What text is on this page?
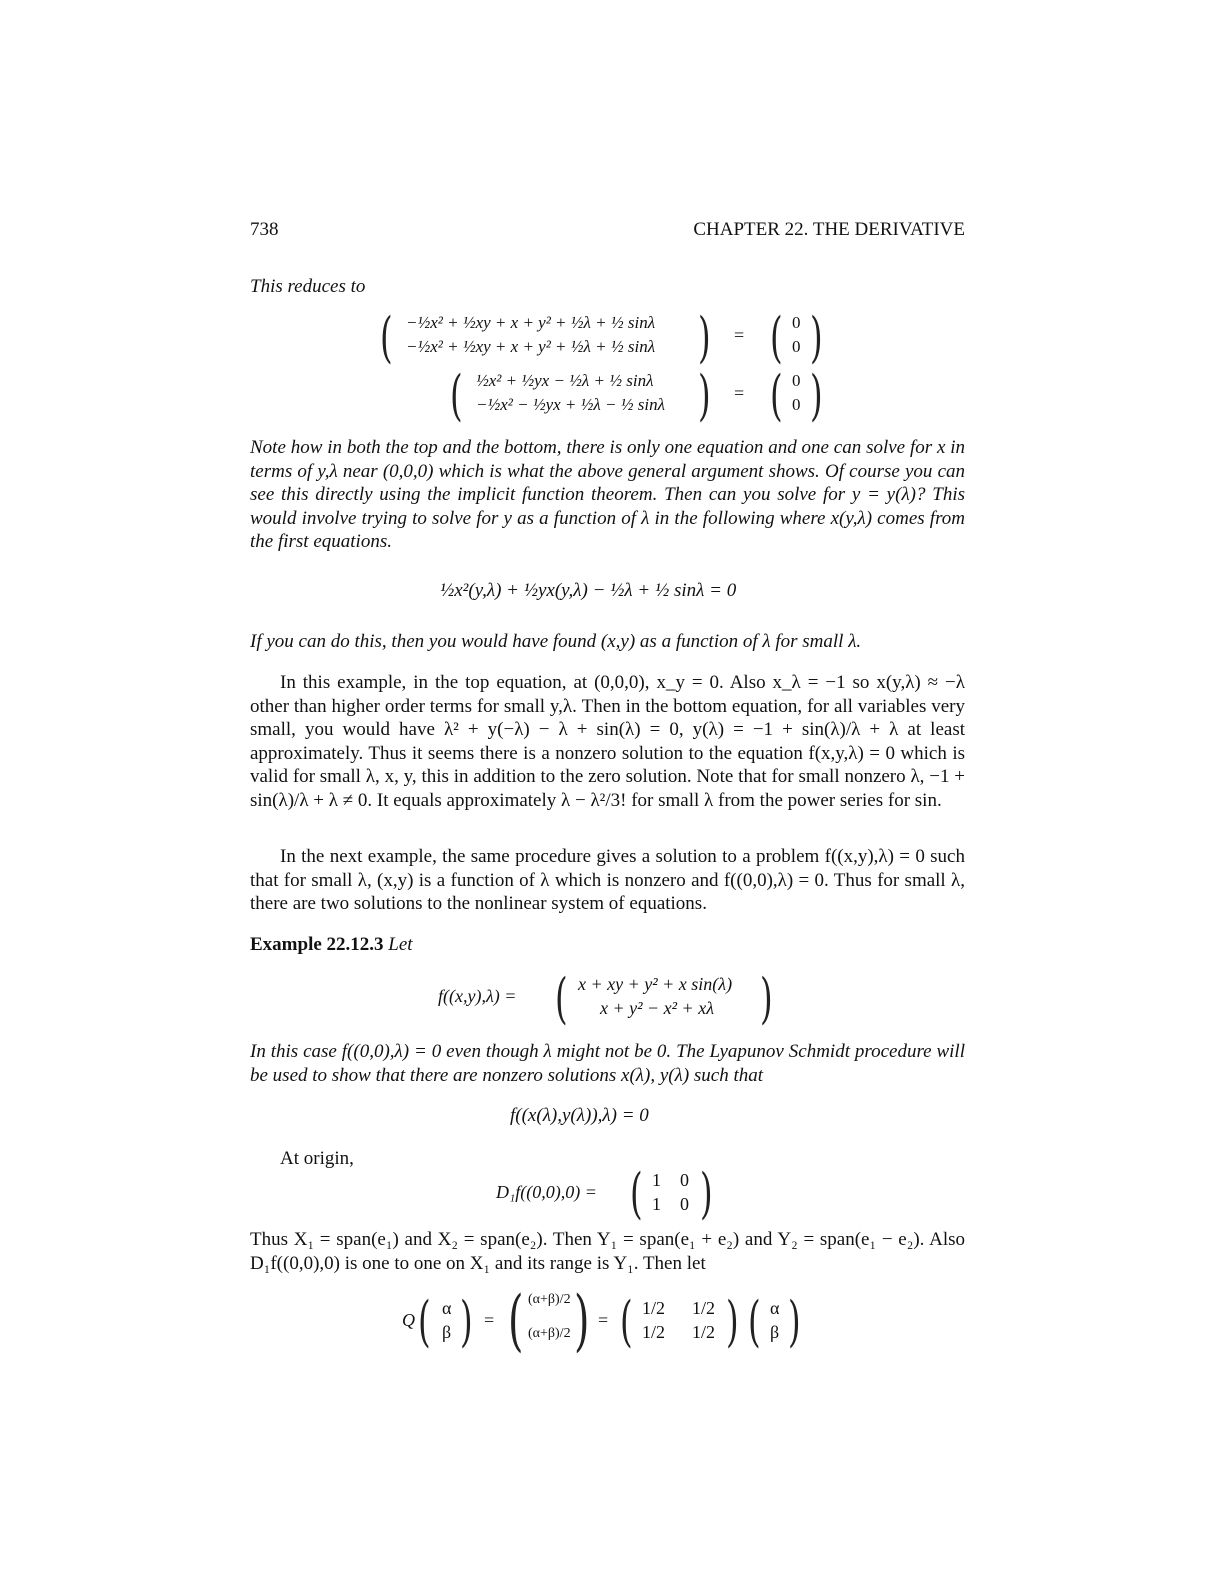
738	CHAPTER 22. THE DERIVATIVE
This reduces to
( −½x² + ½xy + x + y² + ½λ + ½ sinλ
−½x² + ½xy + x + y² + ½λ + ½ sinλ ) = ( 0
0 )
( ½x² + ½yx − ½λ + ½ sinλ
−½x² − ½yx + ½λ − ½ sinλ ) = ( 0
0 )
Note how in both the top and the bottom, there is only one equation and one can solve for x in terms of y,λ near (0,0,0) which is what the above general argument shows. Of course you can see this directly using the implicit function theorem. Then can you solve for y = y(λ)? This would involve trying to solve for y as a function of λ in the following where x(y,λ) comes from the first equations.
½x²(y,λ) + ½yx(y,λ) − ½λ + ½ sinλ = 0
If you can do this, then you would have found (x,y) as a function of λ for small λ.
In this example, in the top equation, at (0,0,0), x_y = 0. Also x_λ = −1 so x(y,λ) ≈ −λ other than higher order terms for small y,λ. Then in the bottom equation, for all variables very small, you would have λ² + y(−λ) − λ + sin(λ) = 0, y(λ) = −1 + sin(λ)/λ + λ at least approximately. Thus it seems there is a nonzero solution to the equation f(x,y,λ) = 0 which is valid for small λ, x, y, this in addition to the zero solution. Note that for small nonzero λ, −1 + sin(λ)/λ + λ ≠ 0. It equals approximately λ − λ²/3! for small λ from the power series for sin.
In the next example, the same procedure gives a solution to a problem f((x,y),λ) = 0 such that for small λ, (x,y) is a function of λ which is nonzero and f((0,0),λ) = 0. Thus for small λ, there are two solutions to the nonlinear system of equations.
Example 22.12.3 Let
f((x,y),λ) = ( x + xy + y² + x sin(λ)
x + y² − x² + xλ )
In this case f((0,0),λ) = 0 even though λ might not be 0. The Lyapunov Schmidt procedure will be used to show that there are nonzero solutions x(λ), y(λ) such that
f((x(λ),y(λ)),λ) = 0
At origin,
D₁f((0,0),0) = ( 1 0
1 0 )
Thus X₁ = span(e₁) and X₂ = span(e₂). Then Y₁ = span(e₁ + e₂) and Y₂ = span(e₁ − e₂). Also D₁f((0,0),0) is one to one on X₁ and its range is Y₁. Then let
Q ( α
β ) = ( (α+β)/2
(α+β)/2 ) = ( 1/2 1/2
1/2 1/2 ) ( α
β )
